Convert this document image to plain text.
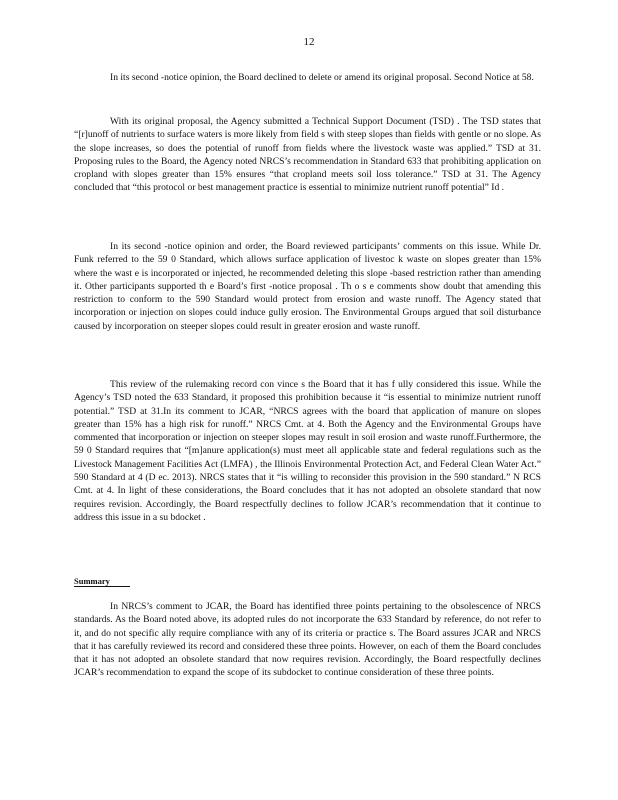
12

In its second -notice opinion, the Board declined to delete or amend its original proposal. Second Notice at 58.

With its original proposal, the Agency submitted a Technical Support Document (TSD) . The TSD states that “[r]unoff of nutrients to surface waters is more likely from field s with steep slopes than fields with gentle or no slope. As the slope increases, so does the potential of runoff from fields where the livestock waste was applied.” TSD at 31. Proposing rules to the Board, the Agency noted NRCS’s recommendation in Standard 633 that prohibiting application on cropland with slopes greater than 15% ensures “that cropland meets soil loss tolerance.” TSD at 31. The Agency concluded that “this protocol or best management practice is essential to minimize nutrient runoff potential” Id .

In its second -notice opinion and order, the Board reviewed participants’ comments on this issue. While Dr. Funk referred to the 59 0 Standard, which allows surface application of livestoc k waste on slopes greater than 15% where the wast e is incorporated or injected, he recommended deleting this slope -based restriction rather than amending it. Other participants supported th e Board’s first -notice proposal . Th o s e comments show doubt that amending this restriction to conform to the 590 Standard would protect from erosion and waste runoff. The Agency stated that incorporation or injection on slopes could induce gully erosion. The Environmental Groups argued that soil disturbance caused by incorporation on steeper slopes could result in greater erosion and waste runoff.

This review of the rulemaking record con vince s the Board that it has f ully considered this issue. While the Agency’s TSD noted the 633 Standard, it proposed this prohibition because it “is essential to minimize nutrient runoff potential.” TSD at 31.In its comment to JCAR, “NRCS agrees with the board that application of manure on slopes greater than 15% has a high risk for runoff.” NRCS Cmt. at 4. Both the Agency and the Environmental Groups have commented that incorporation or injection on steeper slopes may result in soil erosion and waste runoff.Furthermore, the 59 0 Standard requires that “[m]anure application(s) must meet all applicable state and federal regulations such as the Livestock Management Facilities Act (LMFA) , the Illinois Environmental Protection Act, and Federal Clean Water Act.” 590 Standard at 4 (D ec. 2013). NRCS states that it “is willing to reconsider this provision in the 590 standard.” N RCS Cmt. at 4. In light of these considerations, the Board concludes that it has not adopted an obsolete standard that now requires revision. Accordingly, the Board respectfully declines to follow JCAR’s recommendation that it continue to address this issue in a su bdocket .

Summary

In NRCS’s comment to JCAR, the Board has identified three points pertaining to the obsolescence of NRCS standards. As the Board noted above, its adopted rules do not incorporate the 633 Standard by reference, do not refer to it, and do not specific ally require compliance with any of its criteria or practice s. The Board assures JCAR and NRCS that it has carefully reviewed its record and considered these three points. However, on each of them the Board concludes that it has not adopted an obsolete standard that now requires revision. Accordingly, the Board respectfully declines JCAR’s recommendation to expand the scope of its subdocket to continue consideration of these three points.
